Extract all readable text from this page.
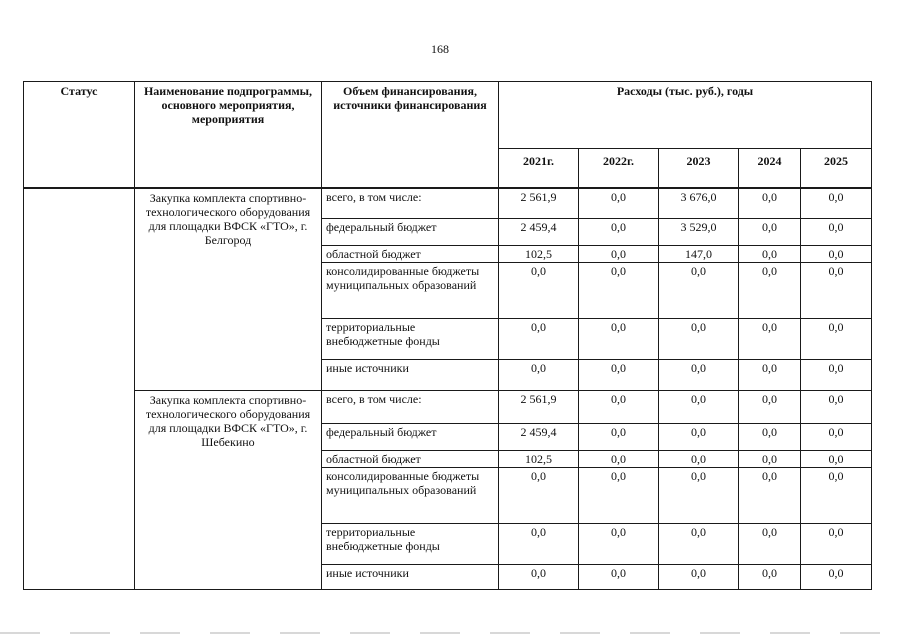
168
Статус	Наименование подпрограммы, основного мероприятия, мероприятия	Объем финансирования, источники финансирования	Расходы (тыс. руб.), годы				
			2021г.	2022г.	2023	2024	2025
	Закупка комплекта спортивно-технологического оборудования для площадки ВФСК «ГТО», г. Белгород	всего, в том числе:	2 561,9	0,0	3 676,0	0,0	0,0
		федеральный бюджет	2 459,4	0,0	3 529,0	0,0	0,0
		областной бюджет	102,5	0,0	147,0	0,0	0,0
		консолидированные бюджеты муниципальных образований	0,0	0,0	0,0	0,0	0,0
		территориальные внебюджетные фонды	0,0	0,0	0,0	0,0	0,0
		иные источники	0,0	0,0	0,0	0,0	0,0
	Закупка комплекта спортивно-технологического оборудования для площадки ВФСК «ГТО», г. Шебекино	всего, в том числе:	2 561,9	0,0	0,0	0,0	0,0
		федеральный бюджет	2 459,4	0,0	0,0	0,0	0,0
		областной бюджет	102,5	0,0	0,0	0,0	0,0
		консолидированные бюджеты муниципальных образований	0,0	0,0	0,0	0,0	0,0
		территориальные внебюджетные фонды	0,0	0,0	0,0	0,0	0,0
		иные источники	0,0	0,0	0,0	0,0	0,0
